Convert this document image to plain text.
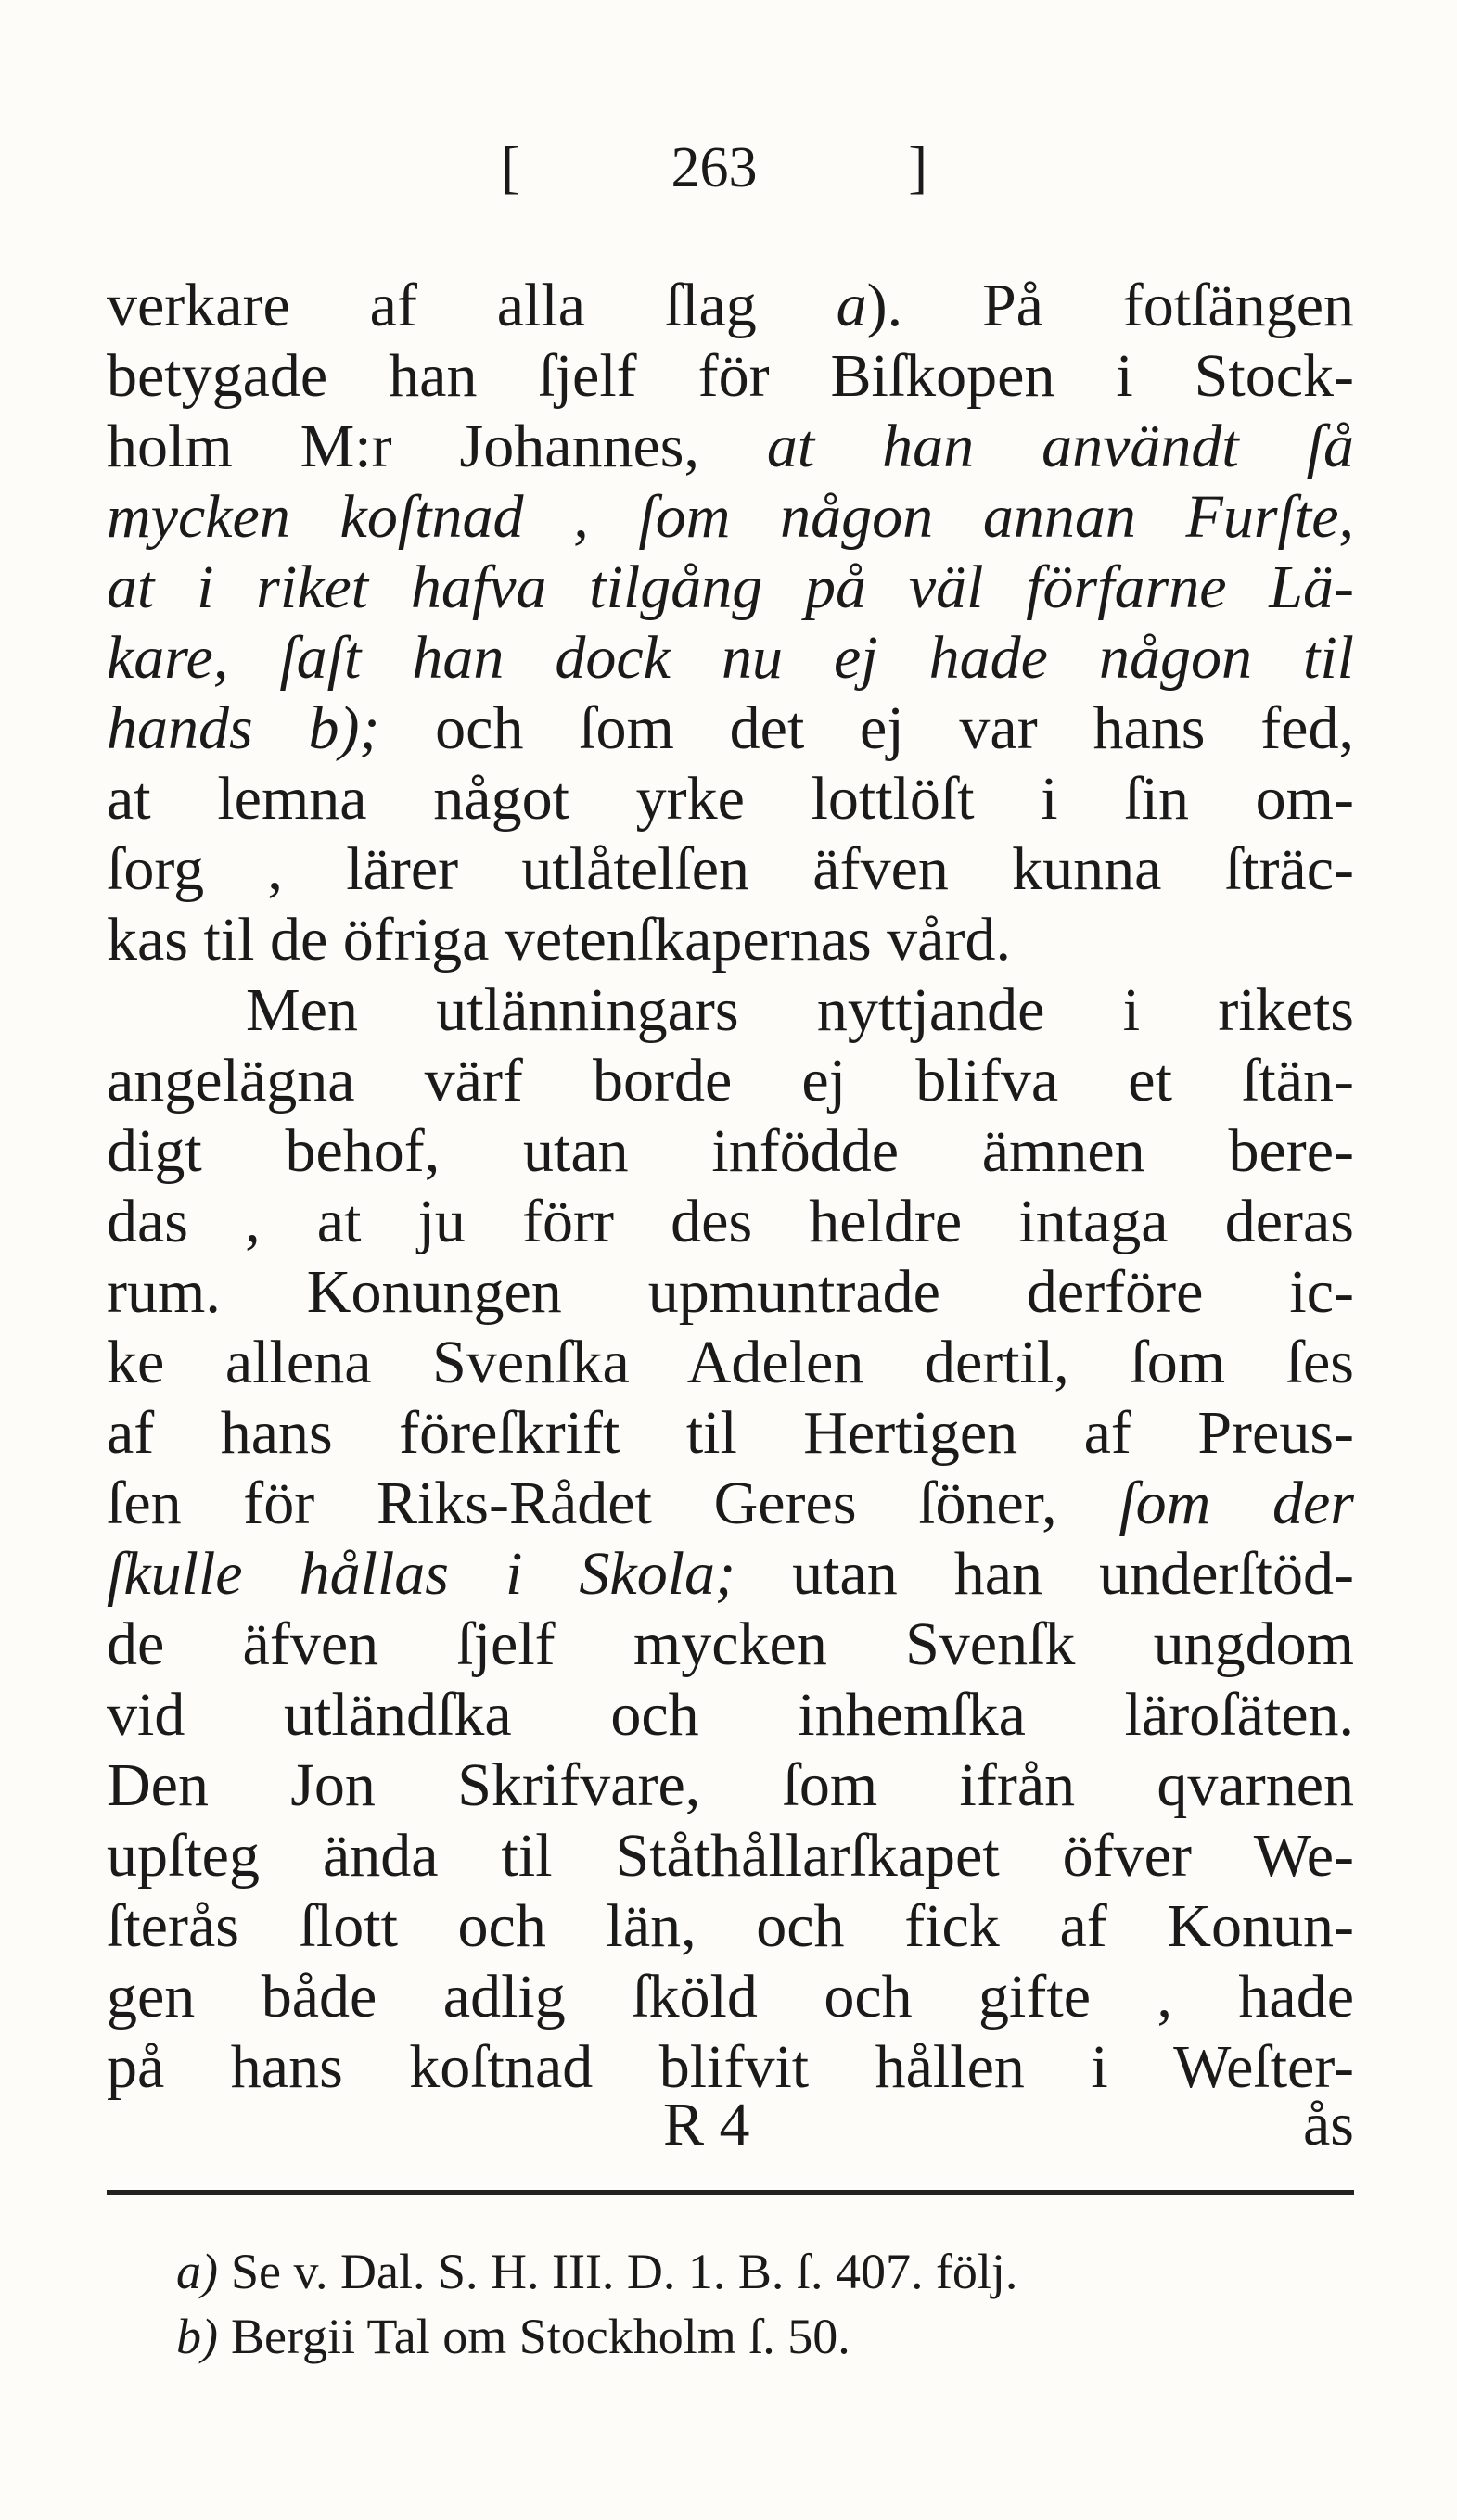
[	263	]
verkare af alla ſlag a). På fotſängen
betygade han ſjelf för Biſkopen i Stock-
holm M:r Johannes, at han användt ſå
mycken koſtnad , ſom någon annan Furſte,
at i riket hafva tilgång på väl förfarne Lä-
kare, ſaſt han dock nu ej hade någon til
hands b); och ſom det ej var hans fed,
at lemna något yrke lottlöſt i ſin om-
ſorg , lärer utlåtelſen äfven kunna ſträc-
kas til de öfriga vetenſkapernas vård.
Men utlänningars nyttjande i rikets
angelägna värf borde ej blifva et ſtän-
digt behof, utan infödde ämnen bere-
das , at ju förr des heldre intaga deras
rum. Konungen upmuntrade derföre ic-
ke allena Svenſka Adelen dertil, ſom ſes
af hans föreſkrift til Hertigen af Preus-
ſen för Riks-Rådet Geres ſöner, ſom der
ſkulle hållas i Skola; utan han underſtöd-
de äfven ſjelf mycken Svenſk ungdom
vid utländſka och inhemſka läroſäten.
Den Jon Skrifvare, ſom ifrån qvarnen
upſteg ända til Ståthållarſkapet öfver We-
ſterås ſlott och län, och fick af Konun-
gen både adlig ſköld och gifte , hade
på hans koſtnad blifvit hållen i Weſter-
R 4	ås
a) Se v. Dal. S. H. III. D. 1. B. ſ. 407. följ.
b) Bergii Tal om Stockholm ſ. 50.
